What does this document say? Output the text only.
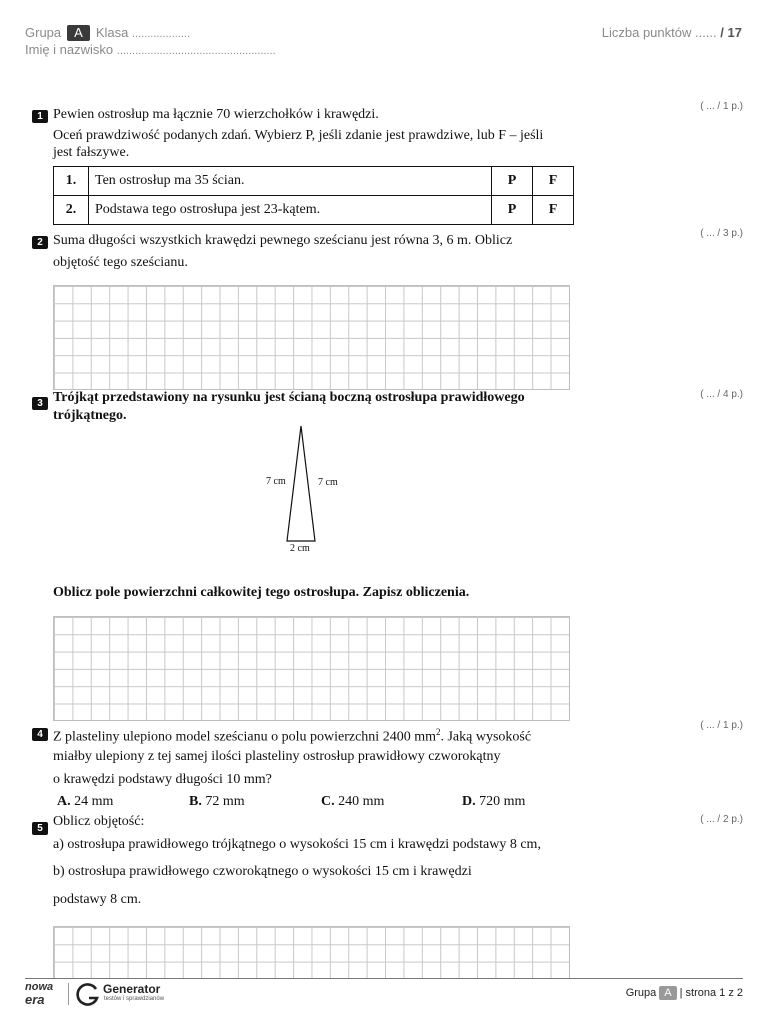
Grupa A Klasa ...................
Imię i nazwisko ....................................................
Liczba punktów ...... / 17
1
( ... / 1 p.)
Pewien ostrosłup ma łącznie 70 wierzchołków i krawędzi.
Oceń prawdziwość podanych zdań. Wybierz P, jeśli zdanie jest prawdziwe, lub F – jeśli
jest fałszywe.
1.	Ten ostrosłup ma 35 ścian.	P	F
2.	Podstawa tego ostrosłupa jest 23-kątem.	P	F
2
( ... / 3 p.)
Suma długości wszystkich krawędzi pewnego sześcianu jest równa 3, 6 m. Oblicz
objętość tego sześcianu.
3
( ... / 4 p.)
Trójkąt przedstawiony na rysunku jest ścianą boczną ostrosłupa prawidłowego
trójkątnego.
7 cm	7 cm
2 cm
Oblicz pole powierzchni całkowitej tego ostrosłupa. Zapisz obliczenia.
4
( ... / 1 p.)
Z plasteliny ulepiono model sześcianu o polu powierzchni 2400 $mm^2$. Jaką wysokość
miałby ulepiony z tej samej ilości plasteliny ostrosłup prawidłowy czworokątny
o krawędzi podstawy długości 10 mm?
A. 24 mm	B. 72 mm	C. 240 mm	D. 720 mm
5
( ... / 2 p.)
Oblicz objętość:
a) ostrosłupa prawidłowego trójkątnego o wysokości 15 cm i krawędzi podstawy 8 cm,
b) ostrosłupa prawidłowego czworokątnego o wysokości 15 cm i krawędzi
podstawy 8 cm.
nowa
era
Generator
testów i sprawdzianów	Grupa A | strona 1 z 2
